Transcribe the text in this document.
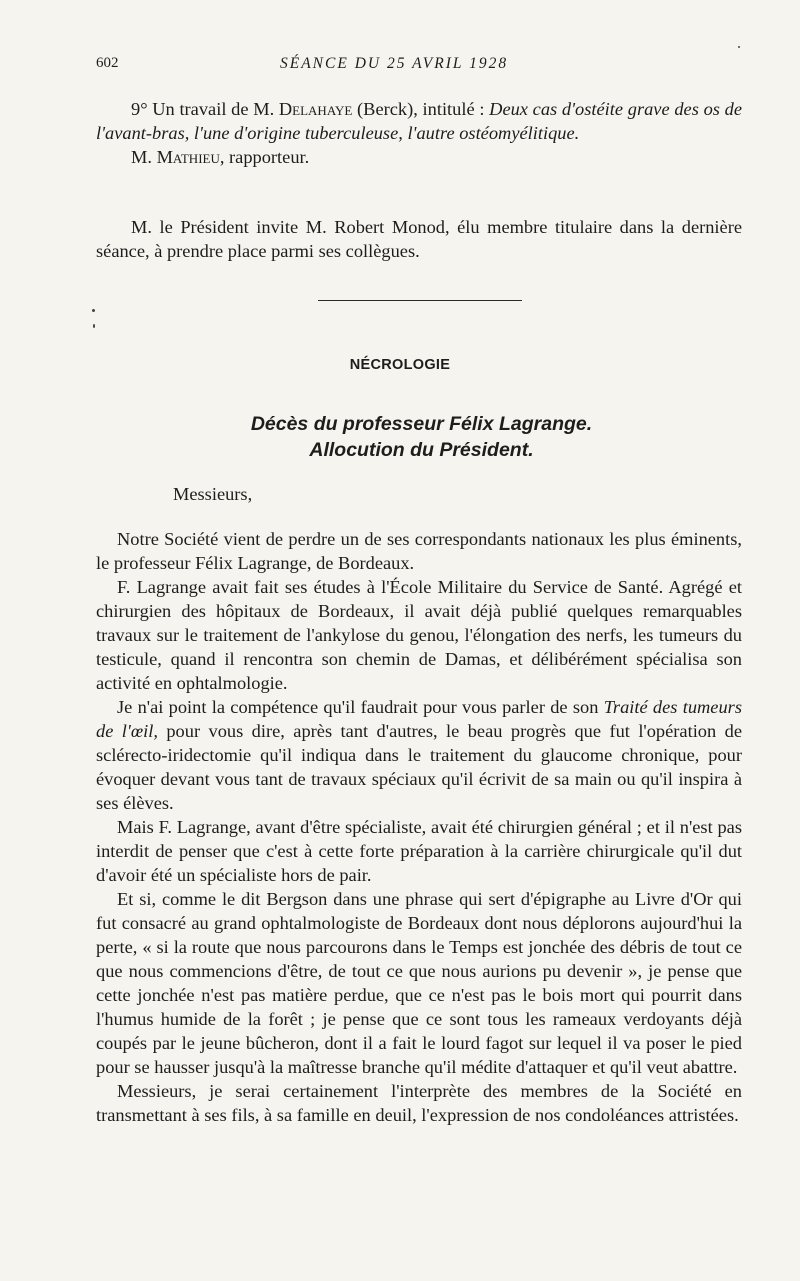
602	SÉANCE DU 25 AVRIL 1928

9° Un travail de M. Delahaye (Berck), intitulé : Deux cas d'ostéite grave des os de l'avant-bras, l'une d'origine tuberculeuse, l'autre ostéomyélitique.

M. Mathieu, rapporteur.

M. le Président invite M. Robert Monod, élu membre titulaire dans la dernière séance, à prendre place parmi ses collègues.

NÉCROLOGIE
Décès du professeur Félix Lagrange.
Allocution du Président.
Messieurs,

Notre Société vient de perdre un de ses correspondants nationaux les plus éminents, le professeur Félix Lagrange, de Bordeaux.

F. Lagrange avait fait ses études à l'École Militaire du Service de Santé. Agrégé et chirurgien des hôpitaux de Bordeaux, il avait déjà publié quelques remarquables travaux sur le traitement de l'ankylose du genou, l'élongation des nerfs, les tumeurs du testicule, quand il rencontra son chemin de Damas, et délibérément spécialisa son activité en ophtalmologie.

Je n'ai point la compétence qu'il faudrait pour vous parler de son Traité des tumeurs de l'œil, pour vous dire, après tant d'autres, le beau progrès que fut l'opération de sclérecto-iridectomie qu'il indiqua dans le traitement du glaucome chronique, pour évoquer devant vous tant de travaux spéciaux qu'il écrivit de sa main ou qu'il inspira à ses élèves.

Mais F. Lagrange, avant d'être spécialiste, avait été chirurgien général ; et il n'est pas interdit de penser que c'est à cette forte préparation à la carrière chirurgicale qu'il dut d'avoir été un spécialiste hors de pair.

Et si, comme le dit Bergson dans une phrase qui sert d'épigraphe au Livre d'Or qui fut consacré au grand ophtalmologiste de Bordeaux dont nous déplorons aujourd'hui la perte, « si la route que nous parcourons dans le Temps est jonchée des débris de tout ce que nous commencions d'être, de tout ce que nous aurions pu devenir », je pense que cette jonchée n'est pas matière perdue, que ce n'est pas le bois mort qui pourrit dans l'humus humide de la forêt ; je pense que ce sont tous les rameaux verdoyants déjà coupés par le jeune bûcheron, dont il a fait le lourd fagot sur lequel il va poser le pied pour se hausser jusqu'à la maîtresse branche qu'il médite d'attaquer et qu'il veut abattre.

Messieurs, je serai certainement l'interprète des membres de la Société en transmettant à ses fils, à sa famille en deuil, l'expression de nos condoléances attristées.
